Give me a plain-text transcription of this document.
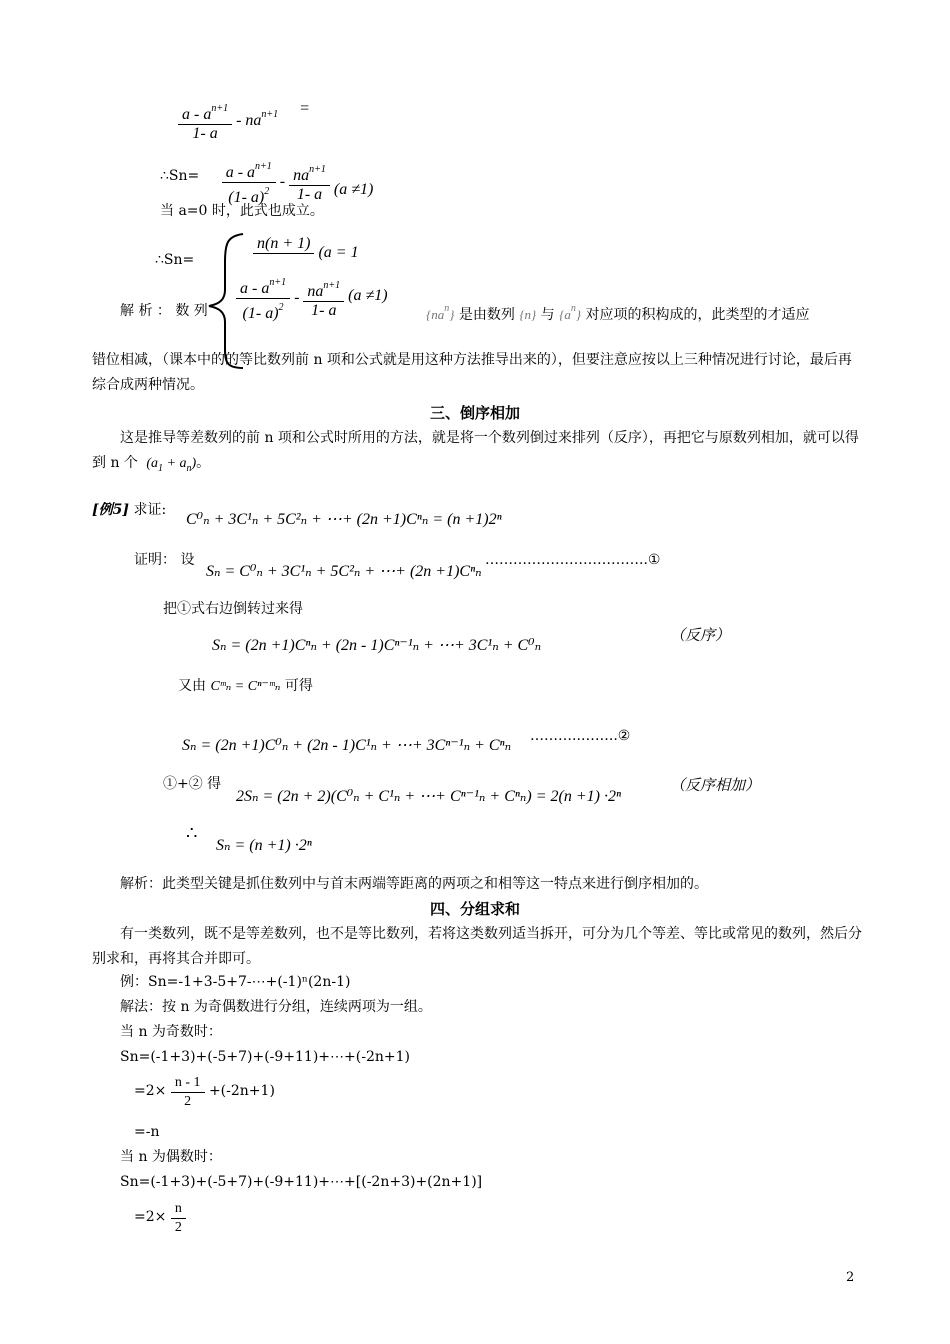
$\frac{a - a^{n+1}}{1- a} - na^{n+1}$ =
∴Sn= $\frac{a - a^{n+1}}{(1- a)^2} - \frac{na^{n+1}}{1- a} (a \ne 1)$
当 a=0 时，此式也成立。
∴Sn=
n(n + 1)

(a = 1
$\frac{a - a^{n+1}}{(1- a)^2} - \frac{na^{n+1}}{1- a} (a \ne 1)$
解 析 ： 数 列	$\{na^n\}$ 是由数列 {n} 与 $\{a^n\}$ 对应项的积构成的，此类型的才适应
错位相减，（课本中的的等比数列前 n 项和公式就是用这种方法推导出来的），但要注意应按以上三种情况进行讨论，最后再综合成两种情况。
三、倒序相加
这是推导等差数列的前 n 项和公式时所用的方法，就是将一个数列倒过来排列（反序），再把它与原数列相加，就可以得到 n 个 $(a_1 + a_n)$。
[例5] 求证:
C⁰ₙ + 3C¹ₙ + 5C²ₙ + ⋯+ (2n +1)Cⁿₙ = (n +1)2ⁿ
证明： 设
Sₙ = C⁰ₙ + 3C¹ₙ + 5C²ₙ + ⋯+ (2n +1)Cⁿₙ
……………………………..①
把①式右边倒转过来得
Sₙ = (2n +1)Cⁿₙ + (2n - 1)Cⁿ⁻¹ₙ + ⋯+ 3C¹ₙ + C⁰ₙ
（反序）
又由 Cᵐₙ = Cⁿ⁻ᵐₙ 可得
Sₙ = (2n +1)C⁰ₙ + (2n - 1)C¹ₙ + ⋯+ 3Cⁿ⁻¹ₙ + Cⁿₙ
………..……..②
①+② 得
2Sₙ = (2n + 2)(C⁰ₙ + C¹ₙ + ⋯+ Cⁿ⁻¹ₙ + Cⁿₙ) = 2(n +1) ·2ⁿ
（反序相加）
∴
Sₙ = (n +1) ·2ⁿ
解析：此类型关键是抓住数列中与首末两端等距离的两项之和相等这一特点来进行倒序相加的。
四、分组求和
有一类数列，既不是等差数列，也不是等比数列，若将这类数列适当拆开，可分为几个等差、等比或常见的数列，然后分别求和，再将其合并即可。
例：Sn=-1+3-5+7-⋯+(-1)ⁿ(2n-1)
解法：按 n 为奇偶数进行分组，连续两项为一组。
当 n 为奇数时：
Sn=(-1+3)+(-5+7)+(-9+11)+⋯+(-2n+1)
$=2\times \frac{n - 1}{2} +(-2n+1)$
=-n
当 n 为偶数时：
Sn=(-1+3)+(-5+7)+(-9+11)+⋯+[(-2n+3)+(2n+1)]
$=2\times \frac{n}{2}$
2
